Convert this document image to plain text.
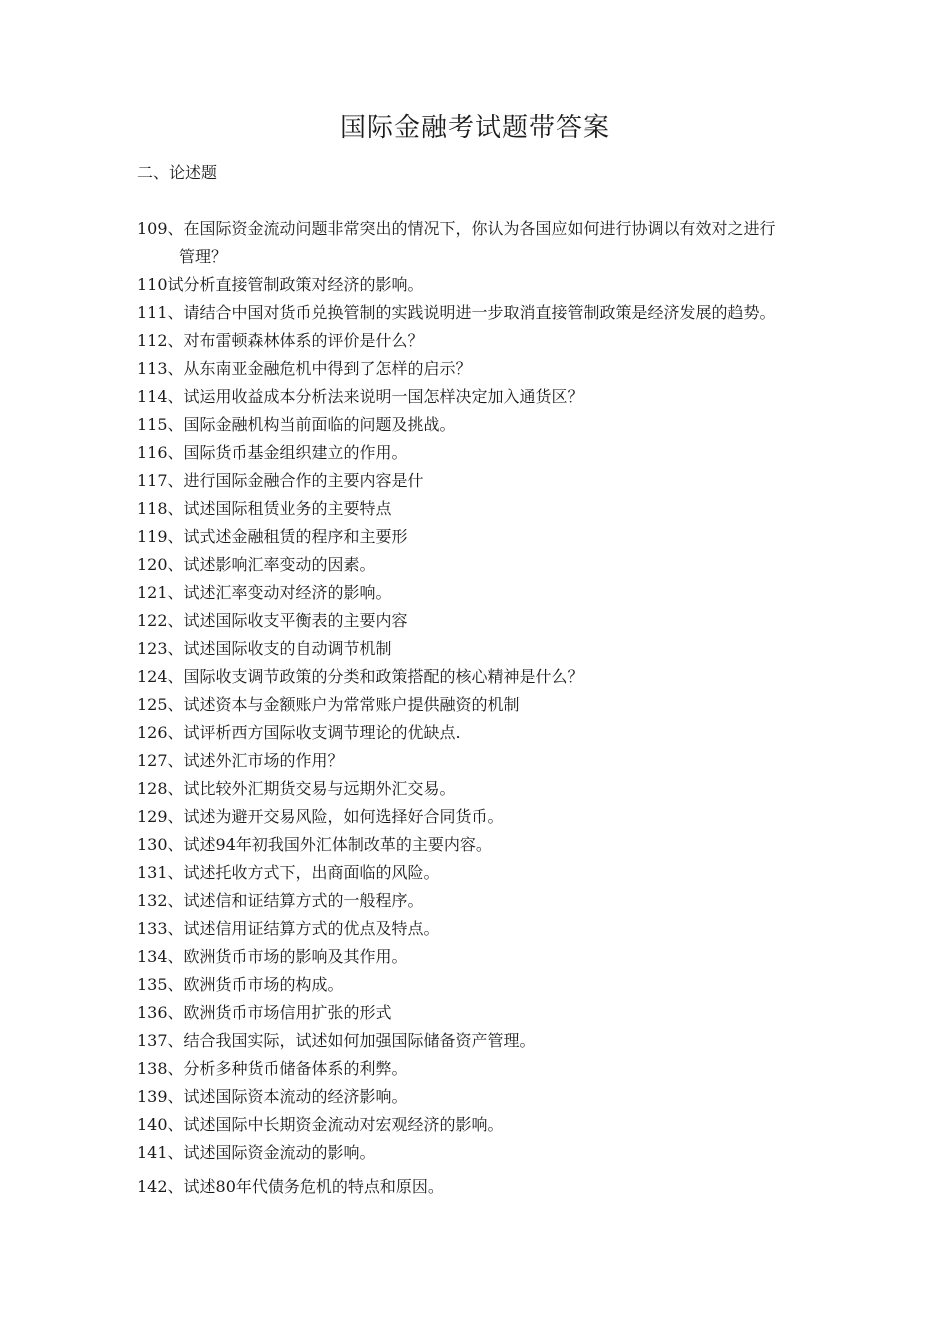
国际金融考试题带答案
二、论述题
109、在国际资金流动问题非常突出的情况下，你认为各国应如何进行协调以有效对之进行管理？
110试分析直接管制政策对经济的影响。
111、请结合中国对货币兑换管制的实践说明进一步取消直接管制政策是经济发展的趋势。
112、对布雷顿森林体系的评价是什么？
113、从东南亚金融危机中得到了怎样的启示？
114、试运用收益成本分析法来说明一国怎样决定加入通货区？
115、国际金融机构当前面临的问题及挑战。
116、国际货币基金组织建立的作用。
117、进行国际金融合作的主要内容是什
118、试述国际租赁业务的主要特点
119、试式述金融租赁的程序和主要形
120、试述影响汇率变动的因素。
121、试述汇率变动对经济的影响。
122、试述国际收支平衡表的主要内容
123、试述国际收支的自动调节机制
124、国际收支调节政策的分类和政策搭配的核心精神是什么？
125、试述资本与金额账户为常常账户提供融资的机制
126、试评析西方国际收支调节理论的优缺点.
127、试述外汇市场的作用？
128、试比较外汇期货交易与远期外汇交易。
129、试述为避开交易风险，如何选择好合同货币。
130、试述94年初我国外汇体制改革的主要内容。
131、试述托收方式下，出商面临的风险。
132、试述信和证结算方式的一般程序。
133、试述信用证结算方式的优点及特点。
134、欧洲货币市场的影响及其作用。
135、欧洲货币市场的构成。
136、欧洲货币市场信用扩张的形式
137、结合我国实际，试述如何加强国际储备资产管理。
138、分析多种货币储备体系的利弊。
139、试述国际资本流动的经济影响。
140、试述国际中长期资金流动对宏观经济的影响。
141、试述国际资金流动的影响。
142、试述80年代债务危机的特点和原因。
